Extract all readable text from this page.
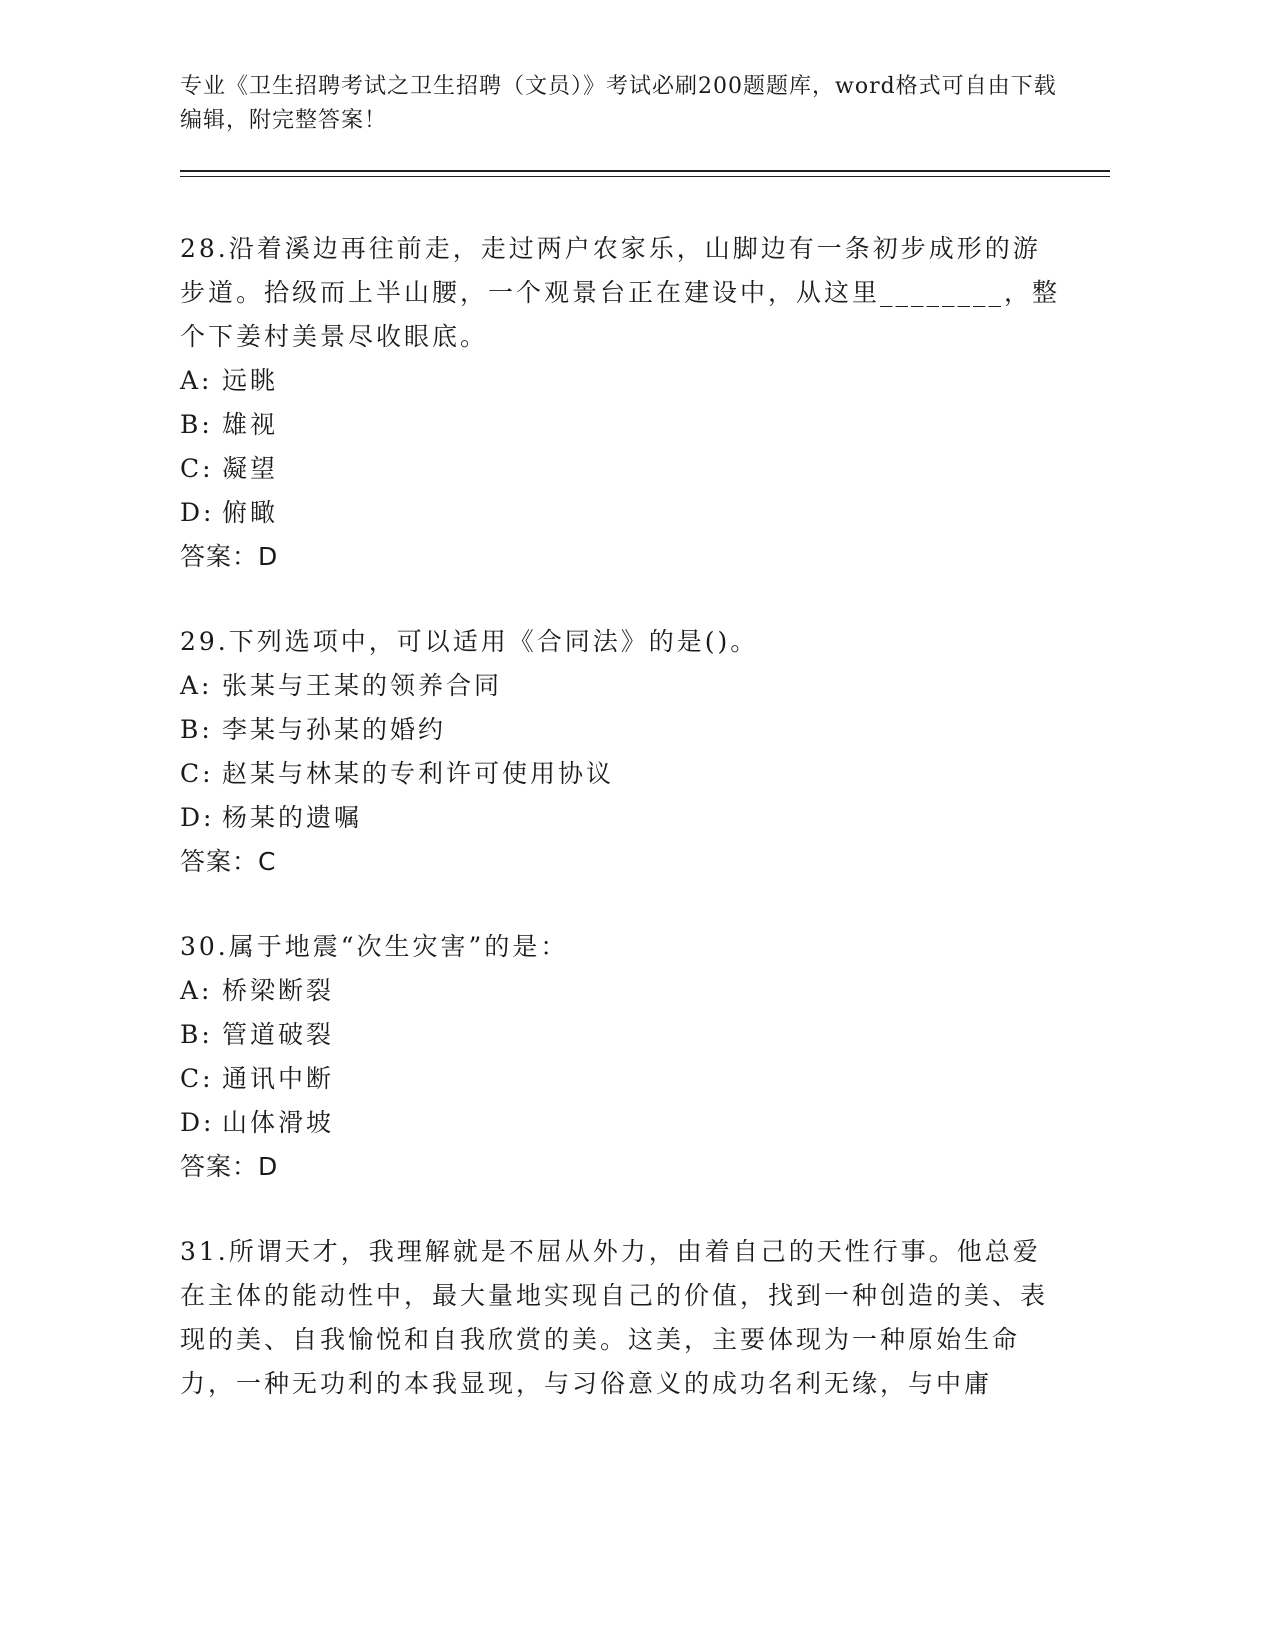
专业《卫生招聘考试之卫生招聘（文员）》考试必刷200题题库，word格式可自由下载编辑，附完整答案！
28.沿着溪边再往前走，走过两户农家乐，山脚边有一条初步成形的游步道。拾级而上半山腰，一个观景台正在建设中，从这里________，整个下姜村美景尽收眼底。
A: 远眺
B: 雄视
C: 凝望
D: 俯瞰
答案：D
29.下列选项中，可以适用《合同法》的是()。
A: 张某与王某的领养合同
B: 李某与孙某的婚约
C: 赵某与林某的专利许可使用协议
D: 杨某的遗嘱
答案：C
30.属于地震“次生灾害”的是：
A: 桥梁断裂
B: 管道破裂
C: 通讯中断
D: 山体滑坡
答案：D
31.所谓天才，我理解就是不屈从外力，由着自己的天性行事。他总爱在主体的能动性中，最大量地实现自己的价值，找到一种创造的美、表现的美、自我愉悦和自我欣赏的美。这美，主要体现为一种原始生命力，一种无功利的本我显现，与习俗意义的成功名利无缘，与中庸
